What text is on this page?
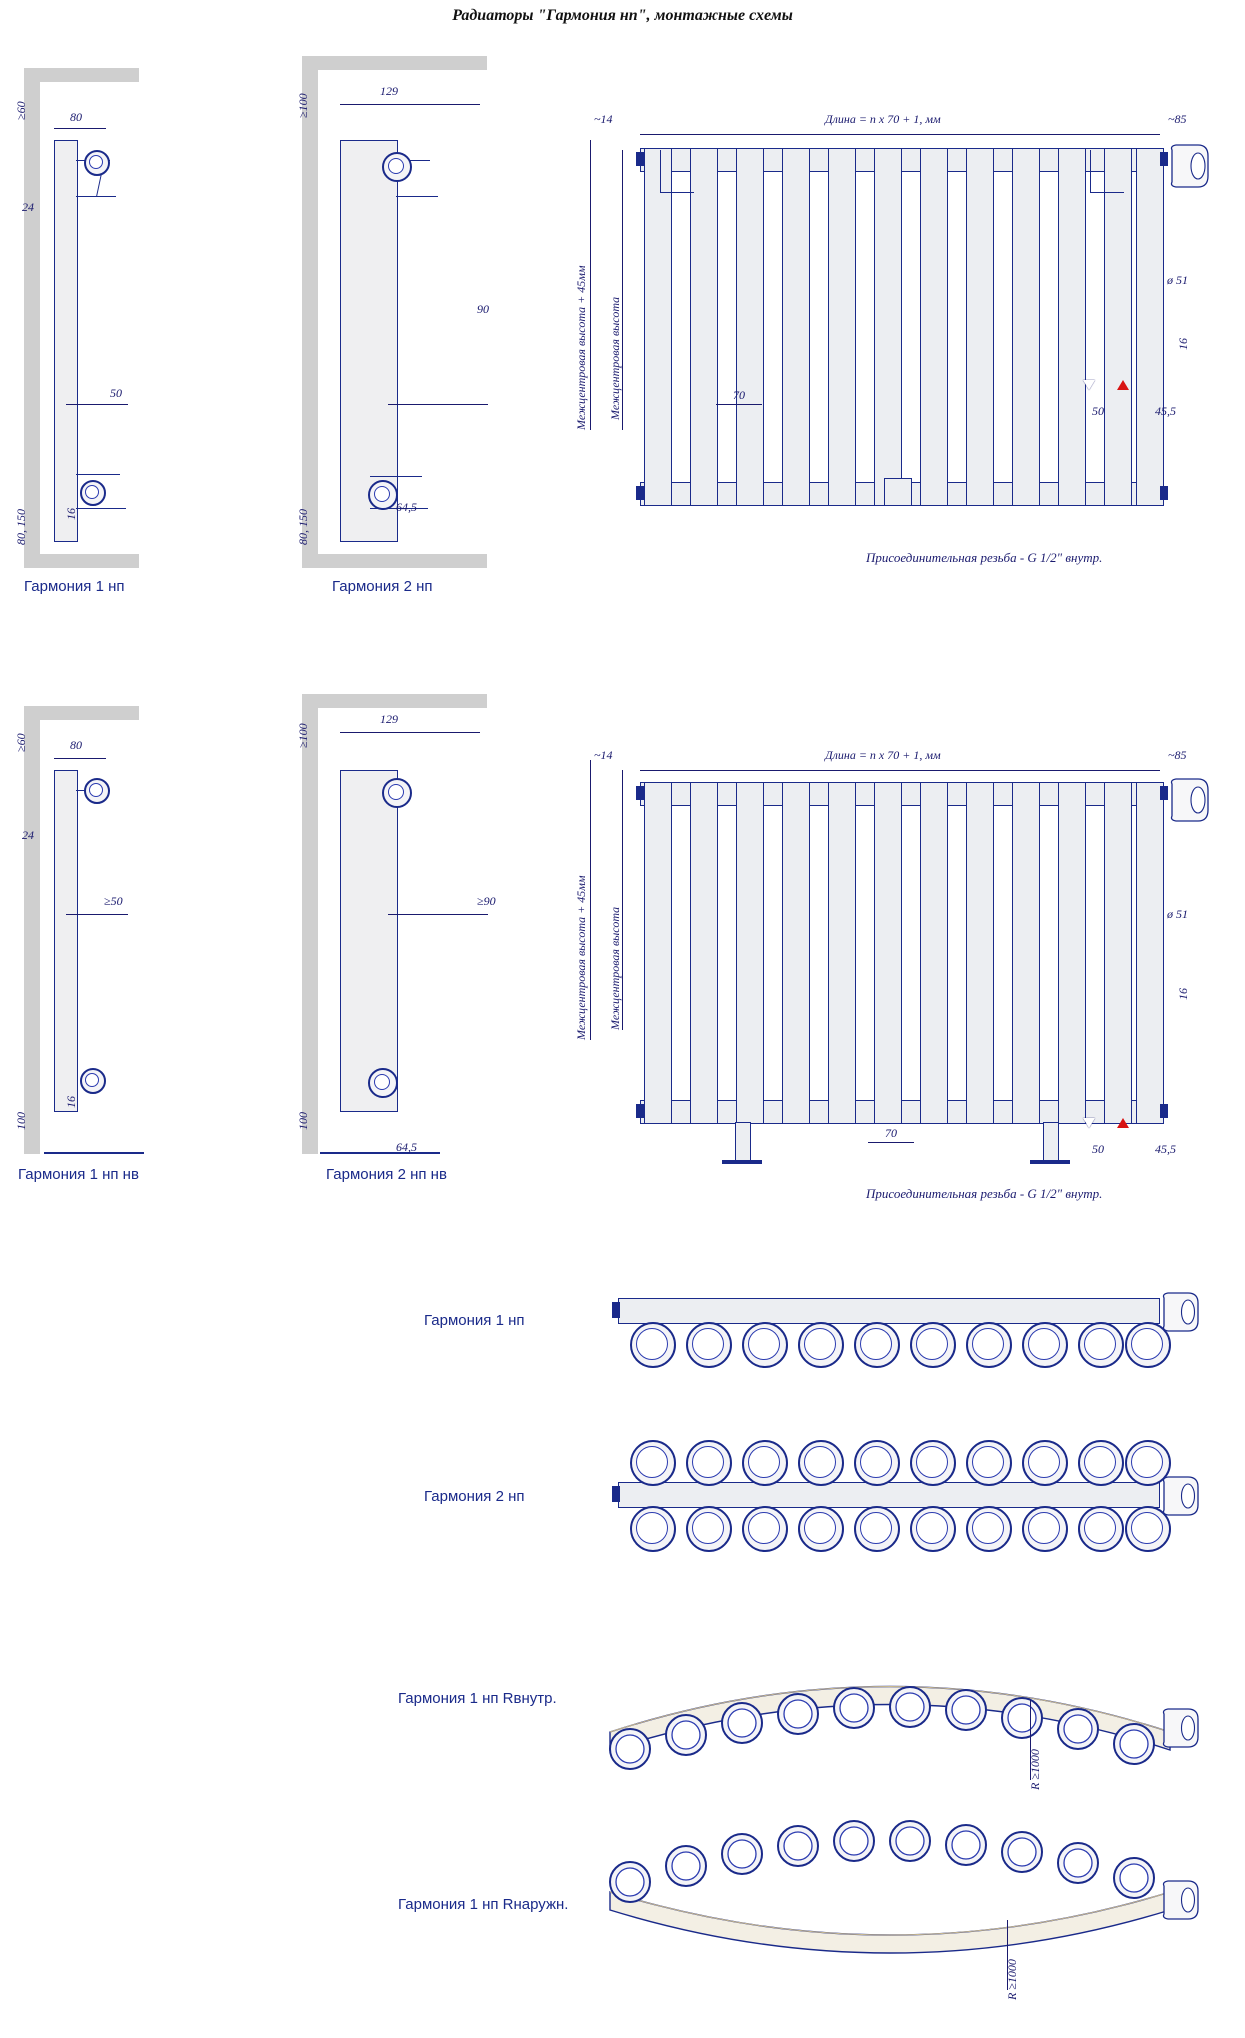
Радиаторы "Гармония нп", монтажные схемы
80
≥60
24
50
80, 150	16
Гармония 1 нп
129
≥100
90
80, 150
64,5
Гармония 2 нп
Межцентровая высота + 45мм Межцентровая высота
~14	Длина = n x 70 + 1, мм	~85
ø 51
16
70
50	45,5
Присоединительная резьба - G 1/2" внутр.
80
≥60
24
≥50
100
16
Гармония 1 нп нв
129
≥100
≥90
100
64,5
Гармония 2 нп нв
Межцентровая высота + 45мм Межцентровая высота
~14	Длина = n x 70 + 1, мм	~85
ø 51
16
70
50	45,5
Присоединительная резьба - G 1/2" внутр.
Гармония 1 нп
Гармония 2 нп
Гармония 1 нп Rвнутр.
R ≥1000
Гармония 1 нп Rнаружн.
R ≥1000
